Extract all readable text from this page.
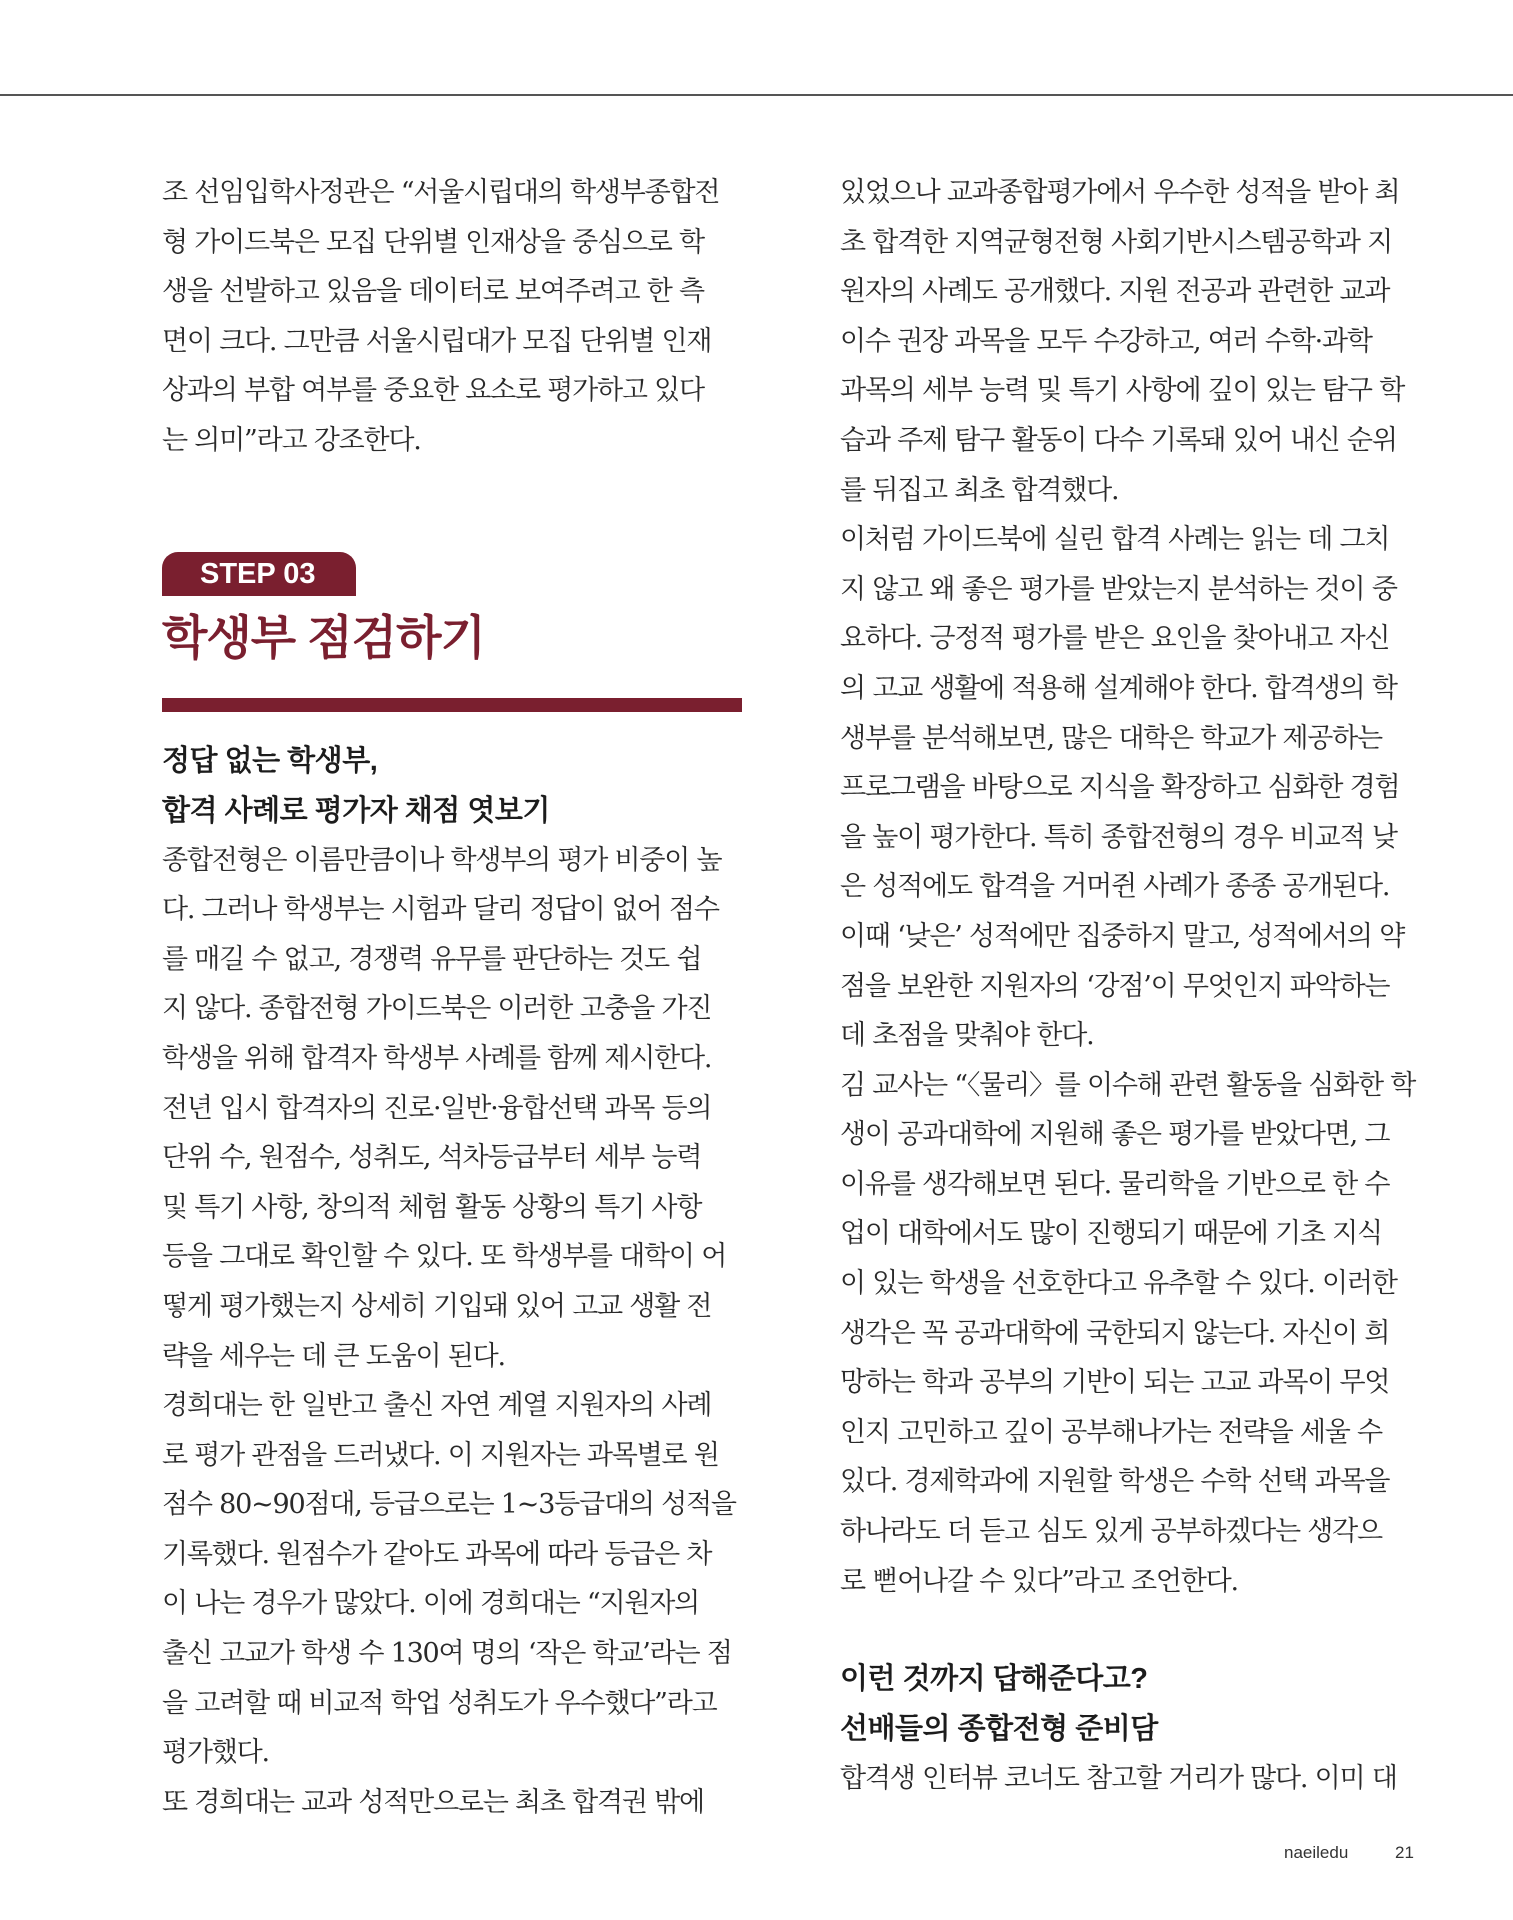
조 선임입학사정관은 “서울시립대의 학생부종합전
형 가이드북은 모집 단위별 인재상을 중심으로 학
생을 선발하고 있음을 데이터로 보여주려고 한 측
면이 크다. 그만큼 서울시립대가 모집 단위별 인재
상과의 부합 여부를 중요한 요소로 평가하고 있다
는 의미”라고 강조한다.
STEP 03
학생부 점검하기
정답 없는 학생부,
합격 사례로 평가자 채점 엿보기
종합전형은 이름만큼이나 학생부의 평가 비중이 높
다. 그러나 학생부는 시험과 달리 정답이 없어 점수
를 매길 수 없고, 경쟁력 유무를 판단하는 것도 쉽
지 않다. 종합전형 가이드북은 이러한 고충을 가진
학생을 위해 합격자 학생부 사례를 함께 제시한다.
전년 입시 합격자의 진로·일반·융합선택 과목 등의
단위 수, 원점수, 성취도, 석차등급부터 세부 능력
및 특기 사항, 창의적 체험 활동 상황의 특기 사항
등을 그대로 확인할 수 있다. 또 학생부를 대학이 어
떻게 평가했는지 상세히 기입돼 있어 고교 생활 전
략을 세우는 데 큰 도움이 된다.
경희대는 한 일반고 출신 자연 계열 지원자의 사례
로 평가 관점을 드러냈다. 이 지원자는 과목별로 원
점수 80~90점대, 등급으로는 1~3등급대의 성적을
기록했다. 원점수가 같아도 과목에 따라 등급은 차
이 나는 경우가 많았다. 이에 경희대는 “지원자의
출신 고교가 학생 수 130여 명의 ‘작은 학교’라는 점
을 고려할 때 비교적 학업 성취도가 우수했다”라고
평가했다.
또 경희대는 교과 성적만으로는 최초 합격권 밖에
있었으나 교과종합평가에서 우수한 성적을 받아 최
초 합격한 지역균형전형 사회기반시스템공학과 지
원자의 사례도 공개했다. 지원 전공과 관련한 교과
이수 권장 과목을 모두 수강하고, 여러 수학·과학
과목의 세부 능력 및 특기 사항에 깊이 있는 탐구 학
습과 주제 탐구 활동이 다수 기록돼 있어 내신 순위
를 뒤집고 최초 합격했다.
이처럼 가이드북에 실린 합격 사례는 읽는 데 그치
지 않고 왜 좋은 평가를 받았는지 분석하는 것이 중
요하다. 긍정적 평가를 받은 요인을 찾아내고 자신
의 고교 생활에 적용해 설계해야 한다. 합격생의 학
생부를 분석해보면, 많은 대학은 학교가 제공하는
프로그램을 바탕으로 지식을 확장하고 심화한 경험
을 높이 평가한다. 특히 종합전형의 경우 비교적 낮
은 성적에도 합격을 거머쥔 사례가 종종 공개된다.
이때 ‘낮은’ 성적에만 집중하지 말고, 성적에서의 약
점을 보완한 지원자의 ‘강점’이 무엇인지 파악하는
데 초점을 맞춰야 한다.
김 교사는 “〈물리〉를 이수해 관련 활동을 심화한 학
생이 공과대학에 지원해 좋은 평가를 받았다면, 그
이유를 생각해보면 된다. 물리학을 기반으로 한 수
업이 대학에서도 많이 진행되기 때문에 기초 지식
이 있는 학생을 선호한다고 유추할 수 있다. 이러한
생각은 꼭 공과대학에 국한되지 않는다. 자신이 희
망하는 학과 공부의 기반이 되는 고교 과목이 무엇
인지 고민하고 깊이 공부해나가는 전략을 세울 수
있다. 경제학과에 지원할 학생은 수학 선택 과목을
하나라도 더 듣고 심도 있게 공부하겠다는 생각으
로 뻗어나갈 수 있다”라고 조언한다.
이런 것까지 답해준다고?
선배들의 종합전형 준비담
합격생 인터뷰 코너도 참고할 거리가 많다. 이미 대
naeiledu	21
